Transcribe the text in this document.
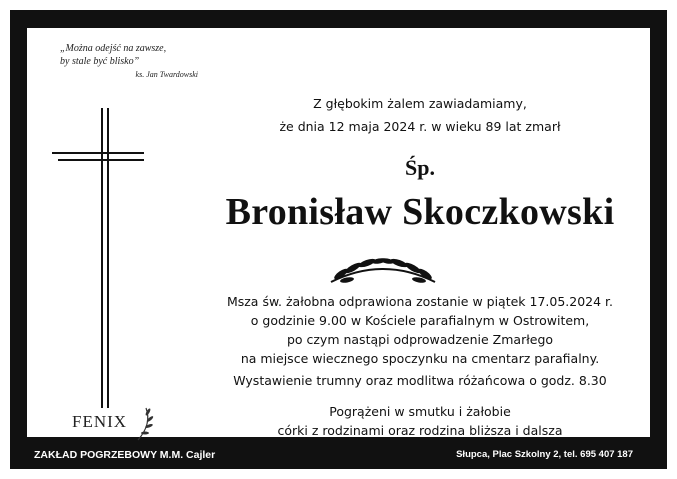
„Można odejść na zawsze,
by stale być blisko”
ks. Jan Twardowski
Z głębokim żalem zawiadamiamy,
że dnia 12 maja 2024 r. w wieku 89 lat zmarł
Śp.
Bronisław Skoczkowski
Msza św. żałobna odprawiona zostanie w piątek 17.05.2024 r.
o godzinie 9.00 w Kościele parafialnym w Ostrowitem,
po czym nastąpi odprowadzenie Zmarłego
na miejsce wiecznego spoczynku na cmentarz parafialny.
Wystawienie trumny oraz modlitwa różańcowa o godz. 8.30
Pogrążeni w smutku i żałobie
córki z rodzinami oraz rodzina bliższa i dalsza
FENIX
ZAKŁAD POGRZEBOWY M.M. Cajler	Słupca, Plac Szkolny 2, tel. 695 407 187
